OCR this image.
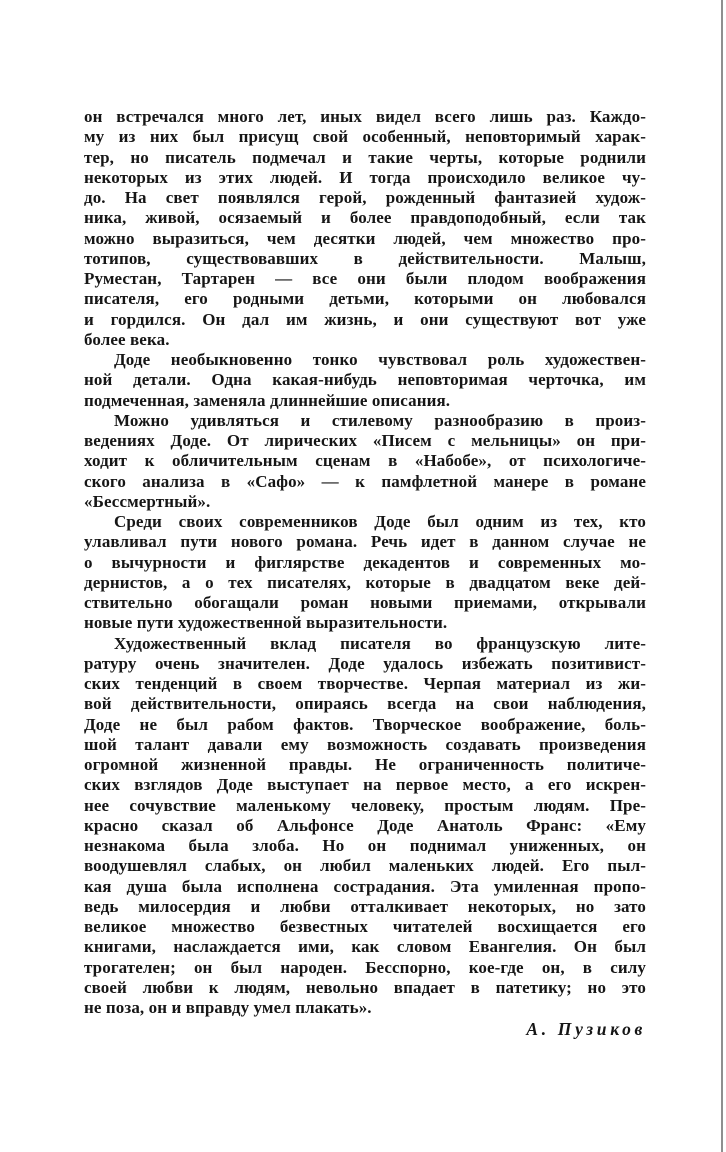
он встречался много лет, иных видел всего лишь раз. Каждо-
му из них был присущ свой особенный, неповторимый харак-
тер, но писатель подмечал и такие черты, которые роднили
некоторых из этих людей. И тогда происходило великое чу-
до. На свет появлялся герой, рожденный фантазией худож-
ника, живой, осязаемый и более правдоподобный, если так
можно выразиться, чем десятки людей, чем множество про-
тотипов, существовавших в действительности. Малыш,
Руместан, Тартарен — все они были плодом воображения
писателя, его родными детьми, которыми он любовался
и гордился. Он дал им жизнь, и они существуют вот уже
более века.
Доде необыкновенно тонко чувствовал роль художествен-
ной детали. Одна какая-нибудь неповторимая черточка, им
подмеченная, заменяла длиннейшие описания.
Можно удивляться и стилевому разнообразию в произ-
ведениях Доде. От лирических «Писем с мельницы» он при-
ходит к обличительным сценам в «Набобе», от психологиче-
ского анализа в «Сафо» — к памфлетной манере в романе
«Бессмертный».
Среди своих современников Доде был одним из тех, кто
улавливал пути нового романа. Речь идет в данном случае не
о вычурности и фиглярстве декадентов и современных мо-
дернистов, а о тех писателях, которые в двадцатом веке дей-
ствительно обогащали роман новыми приемами, открывали
новые пути художественной выразительности.
Художественный вклад писателя во французскую лите-
ратуру очень значителен. Доде удалось избежать позитивист-
ских тенденций в своем творчестве. Черпая материал из жи-
вой действительности, опираясь всегда на свои наблюдения,
Доде не был рабом фактов. Творческое воображение, боль-
шой талант давали ему возможность создавать произведения
огромной жизненной правды. Не ограниченность политиче-
ских взглядов Доде выступает на первое место, а его искрен-
нее сочувствие маленькому человеку, простым людям. Пре-
красно сказал об Альфонсе Доде Анатоль Франс: «Ему
незнакома была злоба. Но он поднимал униженных, он
воодушевлял слабых, он любил маленьких людей. Его пыл-
кая душа была исполнена сострадания. Эта умиленная пропо-
ведь милосердия и любви отталкивает некоторых, но зато
великое множество безвестных читателей восхищается его
книгами, наслаждается ими, как словом Евангелия. Он был
трогателен; он был народен. Бесспорно, кое-где он, в силу
своей любви к людям, невольно впадает в патетику; но это
не поза, он и вправду умел плакать».
А. Пузиков
